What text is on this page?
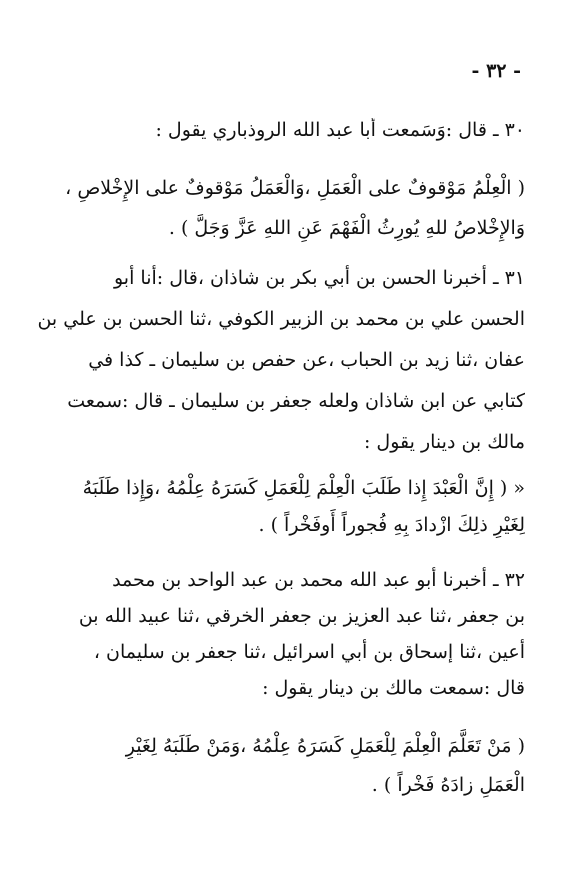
- ٣٢ -

٣٠ ـ قال :وَسَمعت أبا عبد الله الروذباري يقول :

( الْعِلْمُ مَوْقوفٌ على الْعَمَلِ ،وَالْعَمَلُ مَوْقوفٌ على الإِخْلاصِ ،
وَالإِخْلاصُ للهِ يُورِثُ الْفَهْمَ عَنِ اللهِ عَزَّ وَجَلَّ ) .

٣١ ـ أخبرنا الحسن بن أبي بكر بن شاذان ،قال :أنا أبو
الحسن علي بن محمد بن الزبير الكوفي ،ثنا الحسن بن علي بن
عفان ،ثنا زيد بن الحباب ،عن حفص بن سليمان ـ كذا في
كتابي عن ابن شاذان ولعله جعفر بن سليمان ـ قال :سمعت
مالك بن دينار يقول :

« ( إِنَّ الْعَبْدَ إِذا طَلَبَ الْعِلْمَ لِلْعَمَلِ كَسَرَهُ عِلْمُهُ ،وَإِذا طَلَبَهُ
لِغَيْرِ ذلِكَ ازْدادَ بِهِ فُجوراً أَوفَخْراً ) .

٣٢ ـ أخبرنا أبو عبد الله محمد بن عبد الواحد بن محمد
بن جعفر ،ثنا عبد العزيز بن جعفر الخرقي ،ثنا عبيد الله بن
أعين ،ثنا إسحاق بن أبي اسرائيل ،ثنا جعفر بن سليمان ،
قال :سمعت مالك بن دينار يقول :

( مَنْ تَعَلَّمَ الْعِلْمَ لِلْعَمَلِ كَسَرَهُ عِلْمُهُ ،وَمَنْ طَلَبَهُ لِغَيْرِ
الْعَمَلِ زادَهُ فَخْراً ) .
